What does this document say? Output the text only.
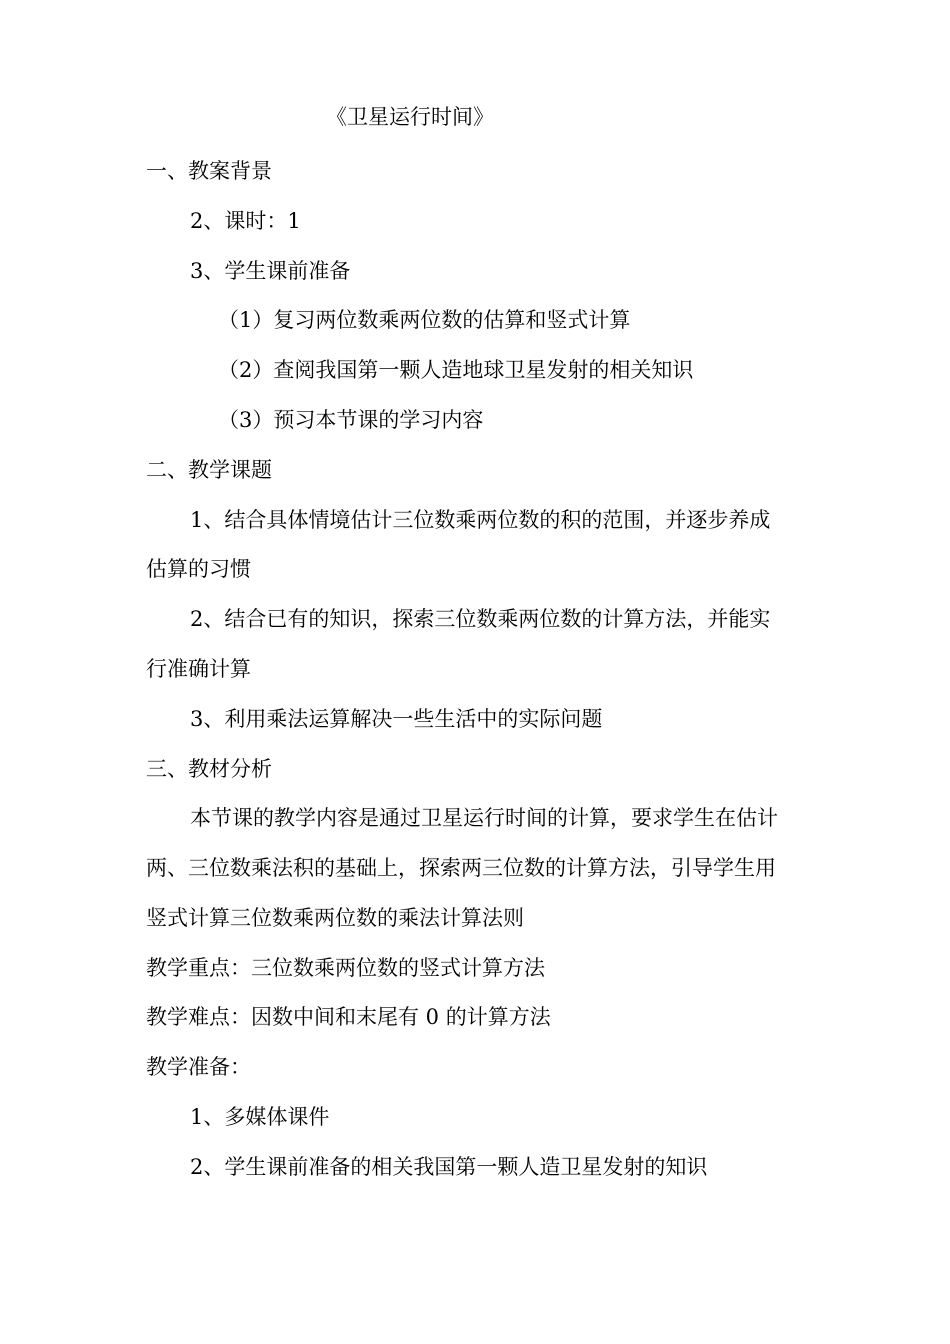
《卫星运行时间》
一、教案背景
2、课时：1
3、学生课前准备
（1）复习两位数乘两位数的估算和竖式计算
（2）查阅我国第一颗人造地球卫星发射的相关知识
（3）预习本节课的学习内容
二、教学课题
1、结合具体情境估计三位数乘两位数的积的范围，并逐步养成
估算的习惯
2、结合已有的知识，探索三位数乘两位数的计算方法，并能实
行准确计算
3、利用乘法运算解决一些生活中的实际问题
三、教材分析
本节课的教学内容是通过卫星运行时间的计算，要求学生在估计
两、三位数乘法积的基础上，探索两三位数的计算方法，引导学生用
竖式计算三位数乘两位数的乘法计算法则
教学重点：三位数乘两位数的竖式计算方法
教学难点：因数中间和末尾有 0 的计算方法
教学准备：
1、多媒体课件
2、学生课前准备的相关我国第一颗人造卫星发射的知识
